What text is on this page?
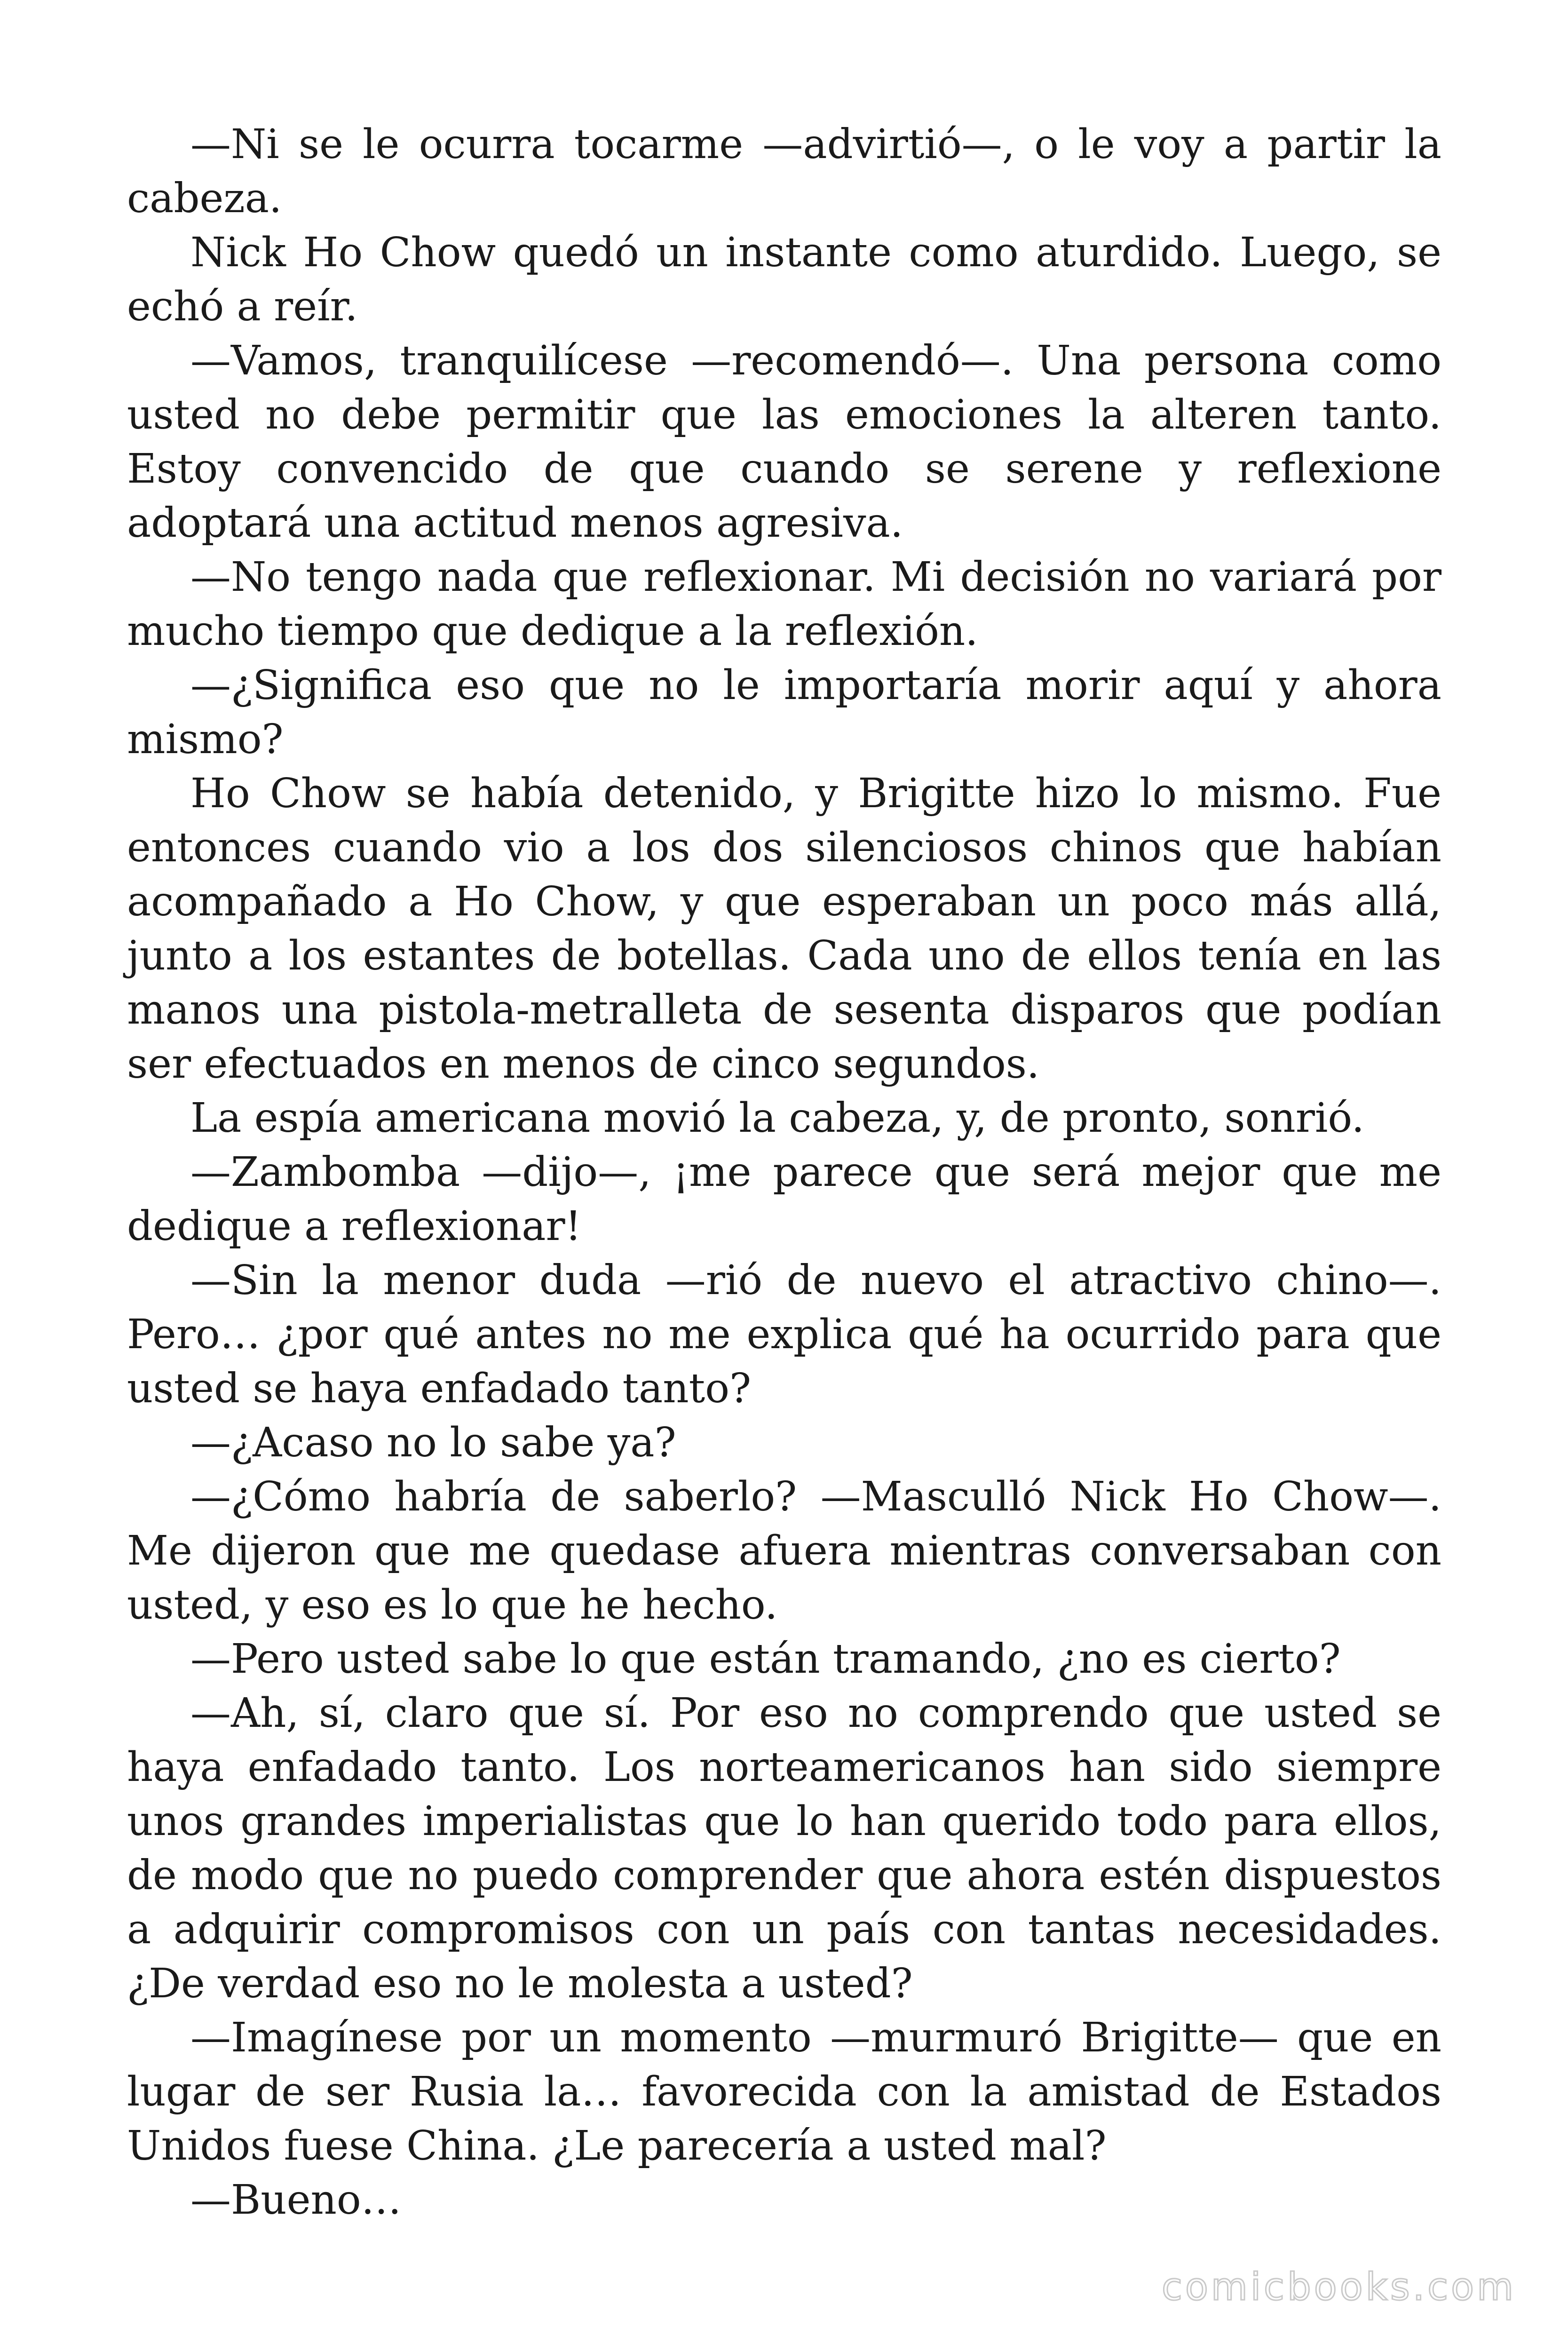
—Ni se le ocurra tocarme —advirtió—, o le voy a partir la cabeza.

Nick Ho Chow quedó un instante como aturdido. Luego, se echó a reír.

—Vamos, tranquilícese —recomendó—. Una persona como usted no debe permitir que las emociones la alteren tanto. Estoy convencido de que cuando se serene y reflexione adoptará una actitud menos agresiva.

—No tengo nada que reflexionar. Mi decisión no variará por mucho tiempo que dedique a la reflexión.

—¿Significa eso que no le importaría morir aquí y ahora mismo?

Ho Chow se había detenido, y Brigitte hizo lo mismo. Fue entonces cuando vio a los dos silenciosos chinos que habían acompañado a Ho Chow, y que esperaban un poco más allá, junto a los estantes de botellas. Cada uno de ellos tenía en las manos una pistola-metralleta de sesenta disparos que podían ser efectuados en menos de cinco segundos.

La espía americana movió la cabeza, y, de pronto, sonrió.

—Zambomba —dijo—, ¡me parece que será mejor que me dedique a reflexionar!

—Sin la menor duda —rió de nuevo el atractivo chino—. Pero… ¿por qué antes no me explica qué ha ocurrido para que usted se haya enfadado tanto?

—¿Acaso no lo sabe ya?

—¿Cómo habría de saberlo? —Masculló Nick Ho Chow—. Me dijeron que me quedase afuera mientras conversaban con usted, y eso es lo que he hecho.

—Pero usted sabe lo que están tramando, ¿no es cierto?

—Ah, sí, claro que sí. Por eso no comprendo que usted se haya enfadado tanto. Los norteamericanos han sido siempre unos grandes imperialistas que lo han querido todo para ellos, de modo que no puedo comprender que ahora estén dispuestos a adquirir compromisos con un país con tantas necesidades. ¿De verdad eso no le molesta a usted?

—Imagínese por un momento —murmuró Brigitte— que en lugar de ser Rusia la… favorecida con la amistad de Estados Unidos fuese China. ¿Le parecería a usted mal?

—Bueno…

comicbooks.com
